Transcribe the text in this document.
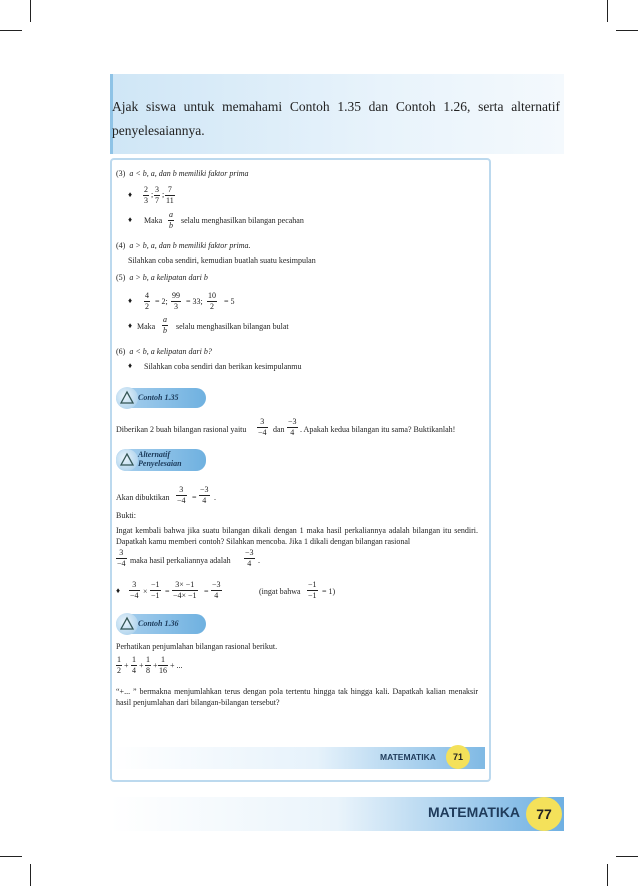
Ajak siswa untuk memahami Contoh 1.35 dan Contoh 1.26, serta alternatif penyelesaiannya.
(3) a < b, a, dan b memiliki faktor prima
♦ $\frac{2}{3}$ ; $\frac{3}{7}$ ; $\frac{7}{11}$
♦ Maka $\frac{a}{b}$ selalu menghasilkan bilangan pecahan
(4) a > b, a, dan b memiliki faktor prima.
Silahkan coba sendiri, kemudian buatlah suatu kesimpulan
(5) a > b, a kelipatan dari b
♦ $\frac{4}{2} = 2$; $\frac{99}{3} = 33$; $\frac{10}{2} = 5$
♦ Maka $\frac{a}{b}$ selalu menghasilkan bilangan bulat
(6) a < b, a kelipatan dari b?
♦ Silahkan coba sendiri dan berikan kesimpulanmu
Contoh 1.35
Diberikan 2 buah bilangan rasional yaitu $\frac{3}{-4}$ dan $\frac{-3}{4}$ . Apakah kedua bilangan itu sama? Buktikanlah!
Alternatif
Penyelesaian
Akan dibuktikan $\frac{3}{-4} = \frac{-3}{4}$ .
Bukti:
Ingat kembali bahwa jika suatu bilangan dikali dengan 1 maka hasil perkaliannya adalah bilangan itu sendiri. Dapatkah kamu memberi contoh? Silahkan mencoba. Jika 1 dikali dengan bilangan rasional
$\frac{3}{-4}$ maka hasil perkaliannya adalah $\frac{-3}{4}$ .
♦ $\frac{3}{-4} \times \frac{-1}{-1} = \frac{3\times -1}{-4\times -1} = \frac{-3}{4}$	(ingat bahwa $\frac{-1}{-1} = 1$)
Contoh 1.36
Perhatikan penjumlahan bilangan rasional berikut.
$\frac{1}{2} + \frac{1}{4} + \frac{1}{8} + \frac{1}{16}$ + ...
“+... ” bermakna menjumlahkan terus dengan pola tertentu hingga tak hingga kali. Dapatkah kalian menaksir hasil penjumlahan dari bilangan-bilangan tersebut?
MATEMATIKA	71
MATEMATIKA	77
